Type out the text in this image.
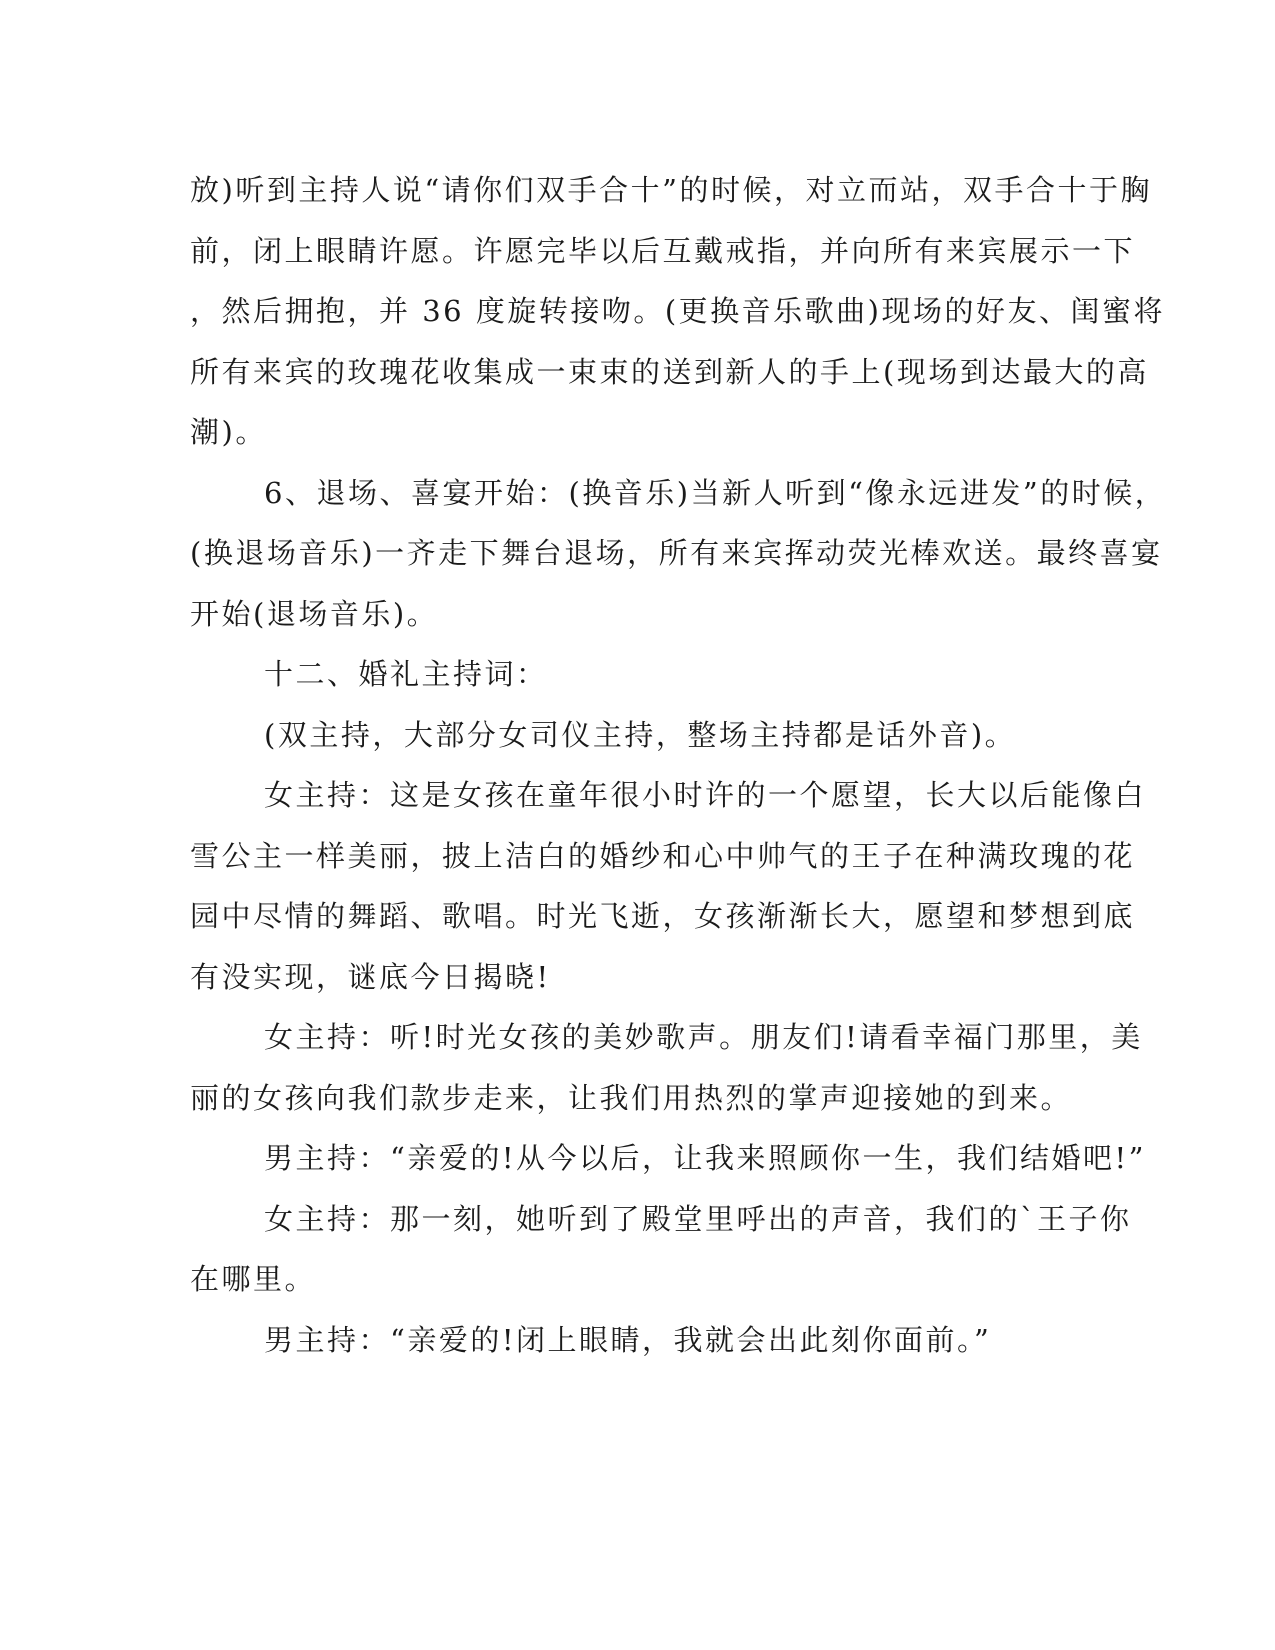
放)听到主持人说“请你们双手合十”的时候，对立而站，双手合十于胸
前，闭上眼睛许愿。许愿完毕以后互戴戒指，并向所有来宾展示一下
，然后拥抱，并 36 度旋转接吻。(更换音乐歌曲)现场的好友、闺蜜将
所有来宾的玫瑰花收集成一束束的送到新人的手上(现场到达最大的高
潮)。
6、退场、喜宴开始：(换音乐)当新人听到“像永远进发”的时候，
(换退场音乐)一齐走下舞台退场，所有来宾挥动荧光棒欢送。最终喜宴
开始(退场音乐)。
十二、婚礼主持词：
(双主持，大部分女司仪主持，整场主持都是话外音)。
女主持：这是女孩在童年很小时许的一个愿望，长大以后能像白
雪公主一样美丽，披上洁白的婚纱和心中帅气的王子在种满玫瑰的花
园中尽情的舞蹈、歌唱。时光飞逝，女孩渐渐长大，愿望和梦想到底
有没实现，谜底今日揭晓!
女主持：听!时光女孩的美妙歌声。朋友们!请看幸福门那里，美
丽的女孩向我们款步走来，让我们用热烈的掌声迎接她的到来。
男主持：“亲爱的!从今以后，让我来照顾你一生，我们结婚吧!”
女主持：那一刻，她听到了殿堂里呼出的声音，我们的`王子你
在哪里。
男主持：“亲爱的!闭上眼睛，我就会出此刻你面前。”
